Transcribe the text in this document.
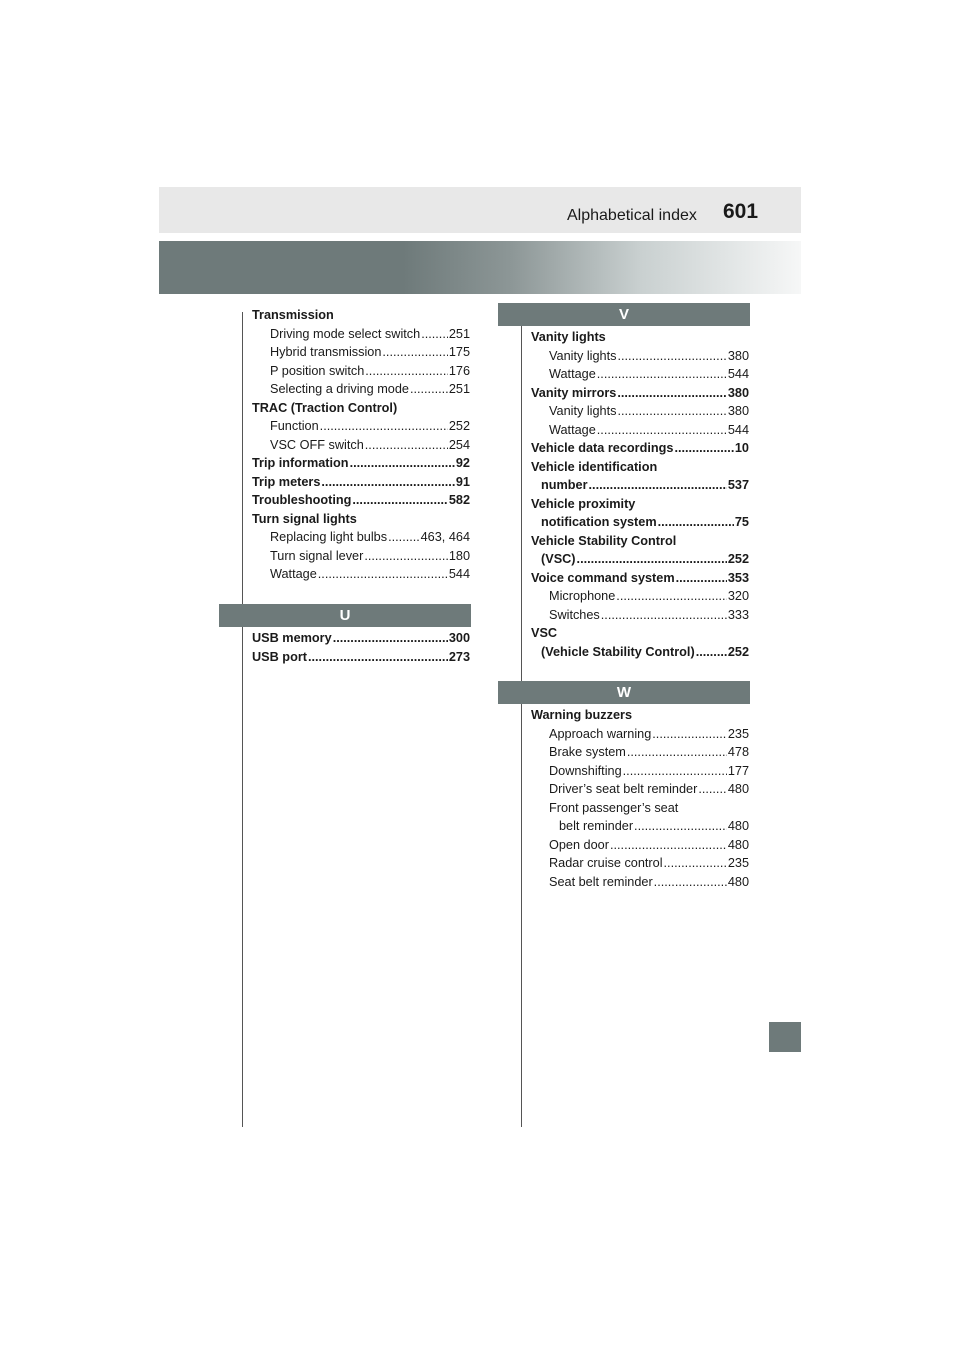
Alphabetical index 601
Transmission
Driving mode select switch ..... 251
Hybrid transmission .....	175
P position switch .....	176
Selecting a driving mode .....	251
TRAC (Traction Control)
Function .....	252
VSC OFF switch .....	254
Trip information .....	92
Trip meters .....	91
Troubleshooting .....	582
Turn signal lights
Replacing light bulbs .....	463, 464
Turn signal lever .....	180
Wattage .....	544
U
USB memory .....	300
USB port .....	273
V
Vanity lights
Vanity lights .....	380
Wattage .....	544
Vanity mirrors .....	380
Vanity lights .....	380
Wattage .....	544
Vehicle data recordings .....	10
Vehicle identification
number .....	537
Vehicle proximity
notification system .....	75
Vehicle Stability Control
(VSC) .....	252
Voice command system .....	353
Microphone .....	320
Switches .....	333
VSC
(Vehicle Stability Control) .....	252
W
Warning buzzers
Approach warning .....	235
Brake system .....	478
Downshifting .....	177
Driver’s seat belt reminder ..... 480
Front passenger’s seat
belt reminder .....	480
Open door .....	480
Radar cruise control .....	235
Seat belt reminder .....	480
